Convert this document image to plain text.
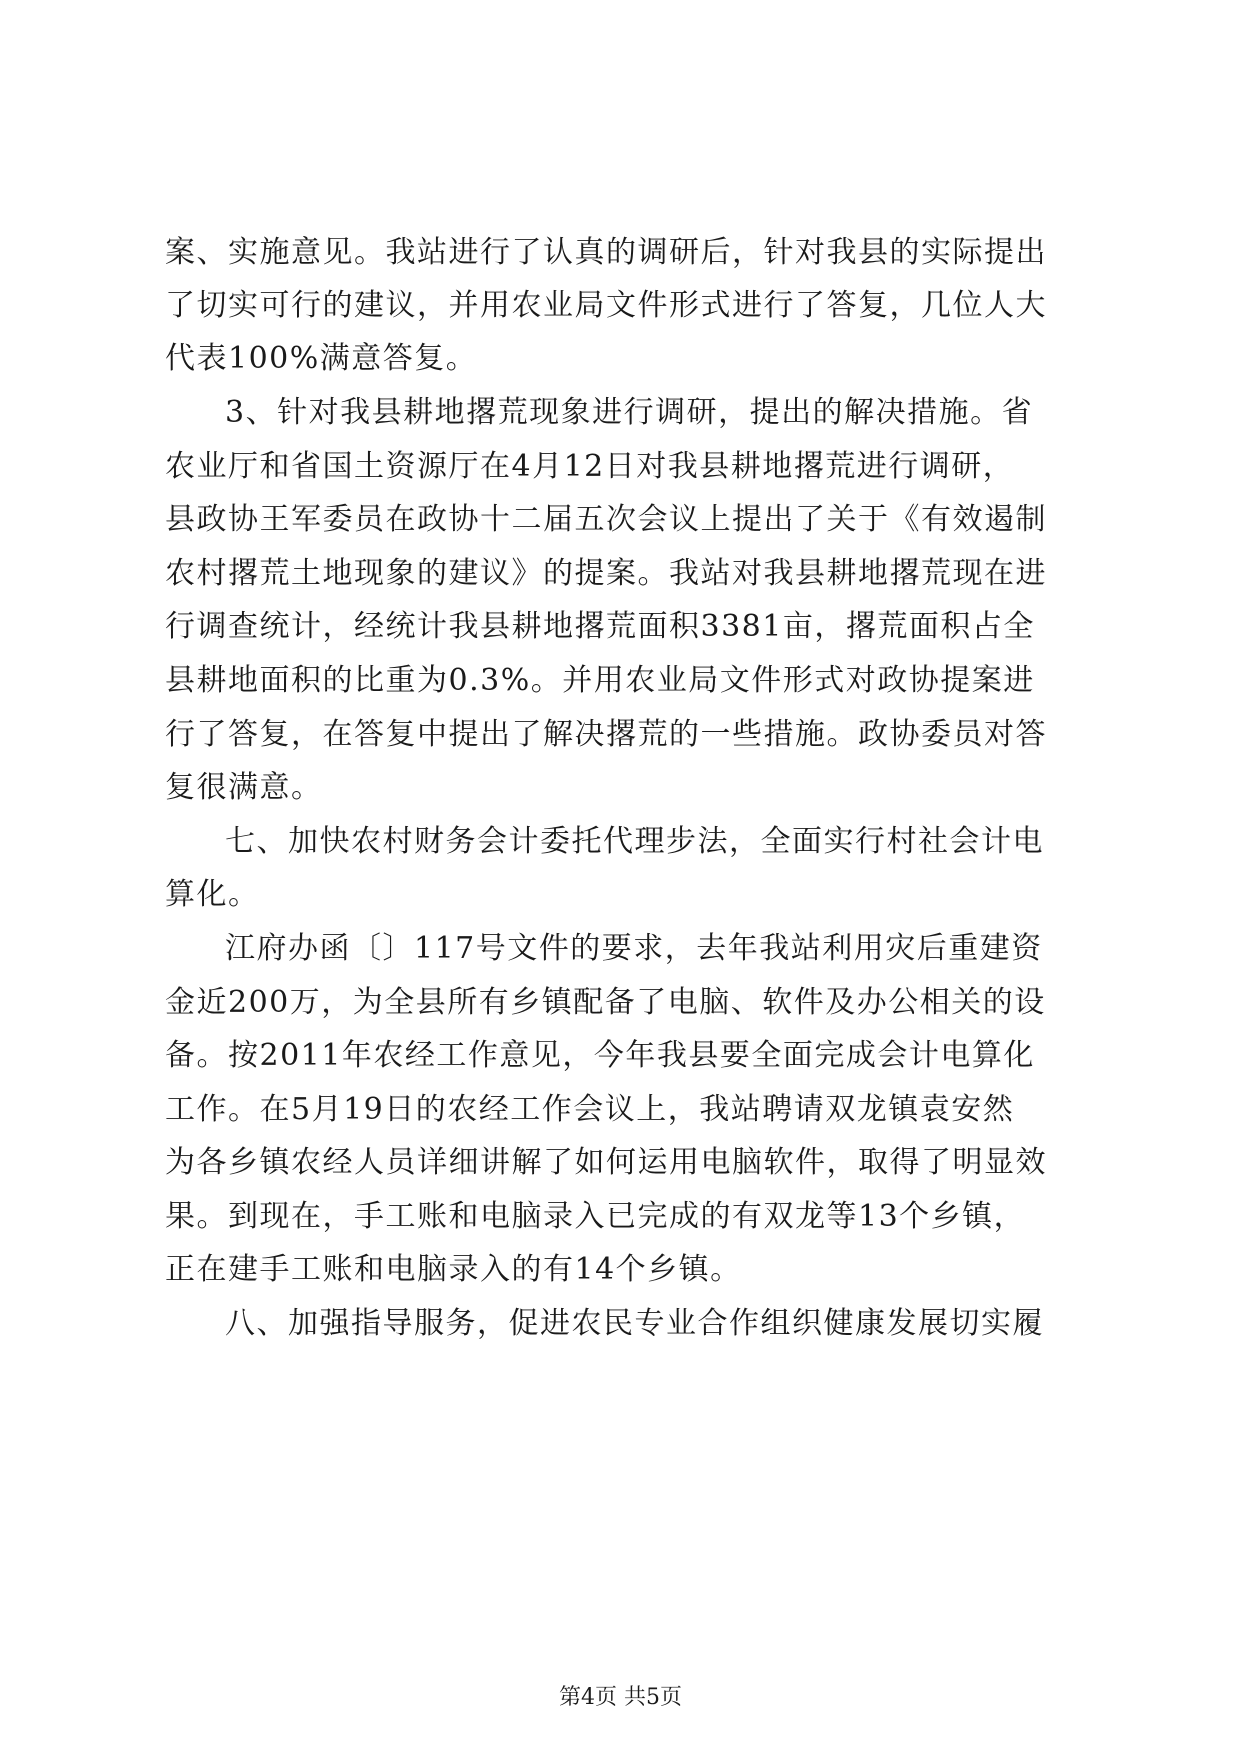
案、实施意见。我站进行了认真的调研后，针对我县的实际提出
了切实可行的建议，并用农业局文件形式进行了答复，几位人大
代表100%满意答复。
3、针对我县耕地撂荒现象进行调研，提出的解决措施。省
农业厅和省国土资源厅在4月12日对我县耕地撂荒进行调研，
县政协王军委员在政协十二届五次会议上提出了关于《有效遏制
农村撂荒土地现象的建议》的提案。我站对我县耕地撂荒现在进
行调查统计，经统计我县耕地撂荒面积3381亩，撂荒面积占全
县耕地面积的比重为0.3%。并用农业局文件形式对政协提案进
行了答复，在答复中提出了解决撂荒的一些措施。政协委员对答
复很满意。
七、加快农村财务会计委托代理步法，全面实行村社会计电
算化。
江府办函〔〕117号文件的要求，去年我站利用灾后重建资
金近200万，为全县所有乡镇配备了电脑、软件及办公相关的设
备。按2011年农经工作意见，今年我县要全面完成会计电算化
工作。在5月19日的农经工作会议上，我站聘请双龙镇袁安然
为各乡镇农经人员详细讲解了如何运用电脑软件，取得了明显效
果。到现在，手工账和电脑录入已完成的有双龙等13个乡镇，
正在建手工账和电脑录入的有14个乡镇。
八、加强指导服务，促进农民专业合作组织健康发展切实履
第4页 共5页
